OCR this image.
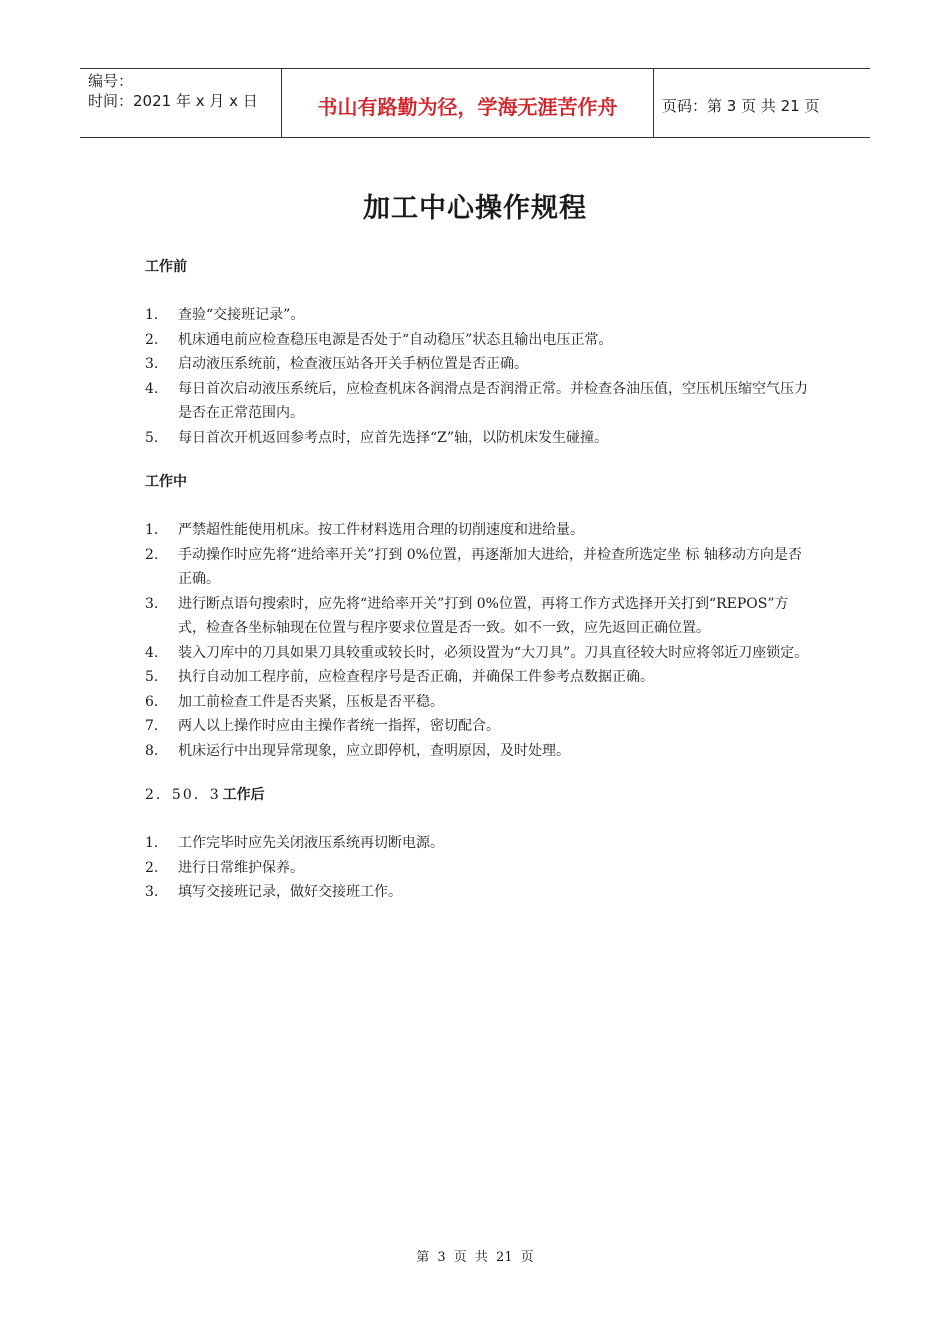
编号：
时间：2021 年 x 月 x 日	书山有路勤为径，学海无涯苦作舟	页码：第 3 页 共 21 页
加工中心操作规程

工作前

1. 查验“交接班记录”。
2. 机床通电前应检查稳压电源是否处于“自动稳压”状态且输出电压正常。
3. 启动液压系统前，检查液压站各开关手柄位置是否正确。
4. 每日首次启动液压系统后，应检查机床各润滑点是否润滑正常。并检查各油压值，空压机压缩空气压力是否在正常范围内。
5. 每日首次开机返回参考点时，应首先选择“Z”轴，以防机床发生碰撞。

工作中

1. 严禁超性能使用机床。按工件材料选用合理的切削速度和进给量。
2. 手动操作时应先将“进给率开关”打到 0%位置，再逐渐加大进给，并检查所选定坐 标 轴移动方向是否正确。
3. 进行断点语句搜索时，应先将“进给率开关”打到 0%位置，再将工作方式选择开关打到“REPOS”方式，检查各坐标轴现在位置与程序要求位置是否一致。如不一致，应先返回正确位置。
4. 装入刀库中的刀具如果刀具较重或较长时，必须设置为“大刀具”。刀具直径较大时应将邻近刀座锁定。
5. 执行自动加工程序前，应检查程序号是否正确，并确保工件参考点数据正确。
6. 加工前检查工件是否夹紧，压板是否平稳。
7. 两人以上操作时应由主操作者统一指挥，密切配合。
8. 机床运行中出现异常现象，应立即停机，查明原因，及时处理。

2．50．3 工作后

1. 工作完毕时应先关闭液压系统再切断电源。
2. 进行日常维护保养。
3. 填写交接班记录，做好交接班工作。
第 3 页 共 21 页
